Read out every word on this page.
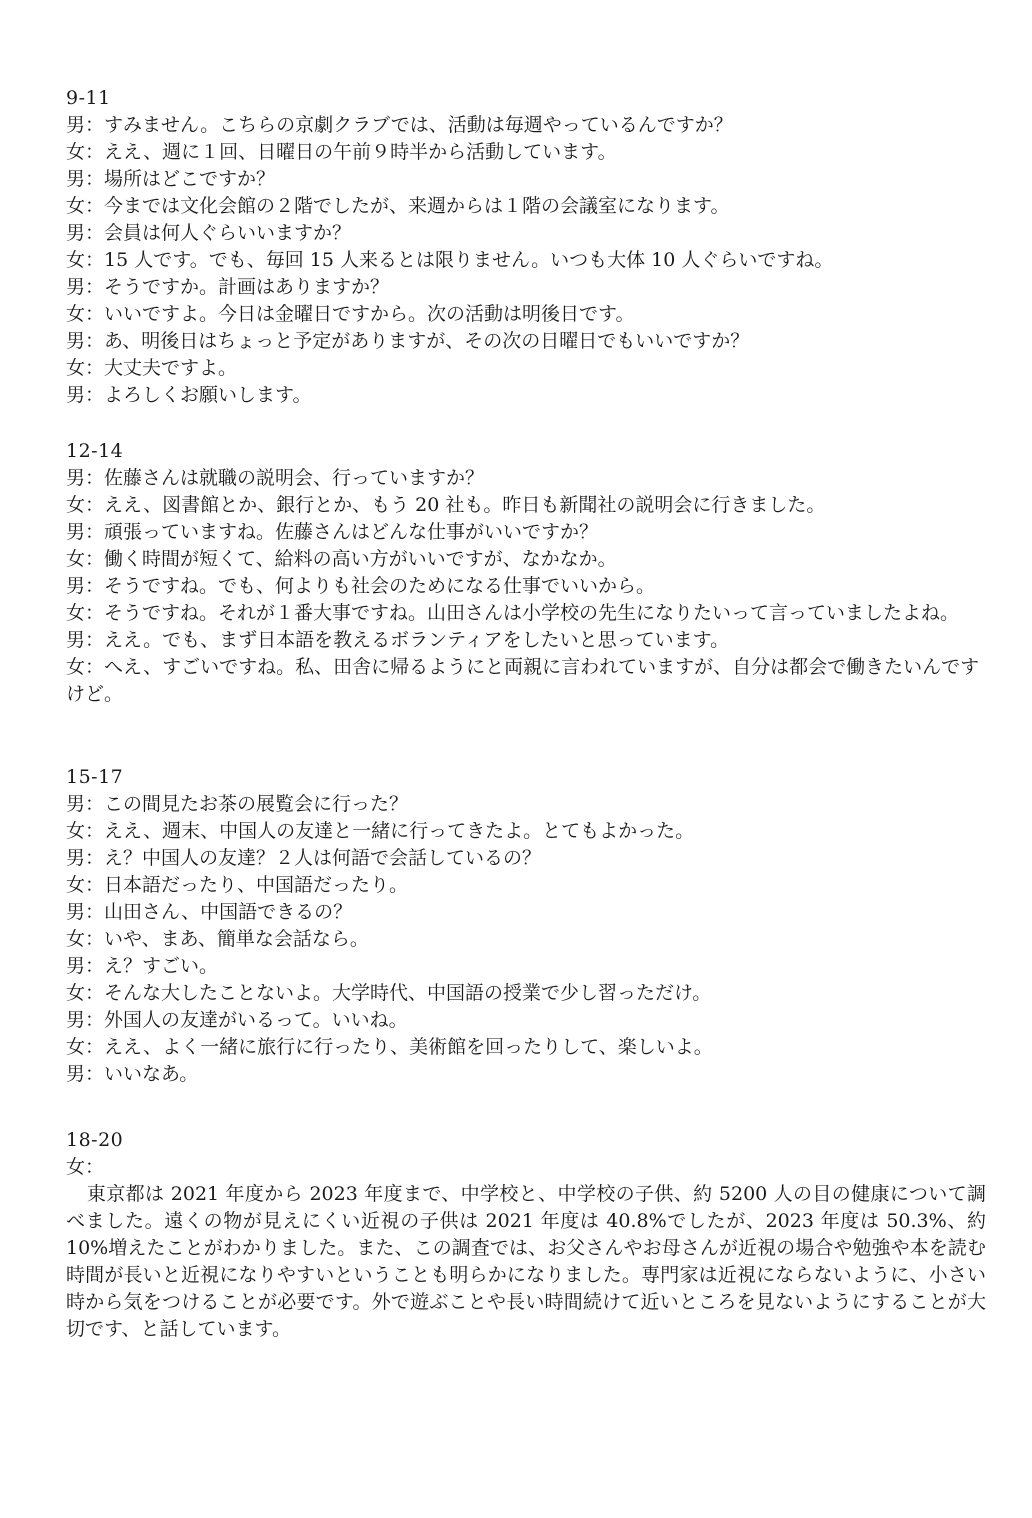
9-11
男：すみません。こちらの京劇クラブでは、活動は毎週やっているんですか？
女：ええ、週に１回、日曜日の午前９時半から活動しています。
男：場所はどこですか？
女：今までは文化会館の２階でしたが、来週からは１階の会議室になります。
男：会員は何人ぐらいいますか？
女：15 人です。でも、毎回 15 人来るとは限りません。いつも大体 10 人ぐらいですね。
男：そうですか。計画はありますか？
女：いいですよ。今日は金曜日ですから。次の活動は明後日です。
男：あ、明後日はちょっと予定がありますが、その次の日曜日でもいいですか？
女：大丈夫ですよ。
男：よろしくお願いします。
12-14
男：佐藤さんは就職の説明会、行っていますか？
女：ええ、図書館とか、銀行とか、もう 20 社も。昨日も新聞社の説明会に行きました。
男：頑張っていますね。佐藤さんはどんな仕事がいいですか？
女：働く時間が短くて、給料の高い方がいいですが、なかなか。
男：そうですね。でも、何よりも社会のためになる仕事でいいから。
女：そうですね。それが１番大事ですね。山田さんは小学校の先生になりたいって言っていましたよね。
男：ええ。でも、まず日本語を教えるボランティアをしたいと思っています。
女：へえ、すごいですね。私、田舎に帰るようにと両親に言われていますが、自分は都会で働きたいんですけど。
15-17
男：この間見たお茶の展覧会に行った？
女：ええ、週末、中国人の友達と一緒に行ってきたよ。とてもよかった。
男：え？中国人の友達？２人は何語で会話しているの？
女：日本語だったり、中国語だったり。
男：山田さん、中国語できるの？
女：いや、まあ、簡単な会話なら。
男：え？すごい。
女：そんな大したことないよ。大学時代、中国語の授業で少し習っただけ。
男：外国人の友達がいるって。いいね。
女：ええ、よく一緒に旅行に行ったり、美術館を回ったりして、楽しいよ。
男：いいなあ。
18-20
女：
東京都は 2021 年度から 2023 年度まで、中学校と、中学校の子供、約 5200 人の目の健康について調べました。遠くの物が見えにくい近視の子供は 2021 年度は 40.8%でしたが、2023 年度は 50.3%、約 10%増えたことがわかりました。また、この調査では、お父さんやお母さんが近視の場合や勉強や本を読む時間が長いと近視になりやすいということも明らかになりました。専門家は近視にならないように、小さい時から気をつけることが必要です。外で遊ぶことや長い時間続けて近いところを見ないようにすることが大切です、と話しています。
